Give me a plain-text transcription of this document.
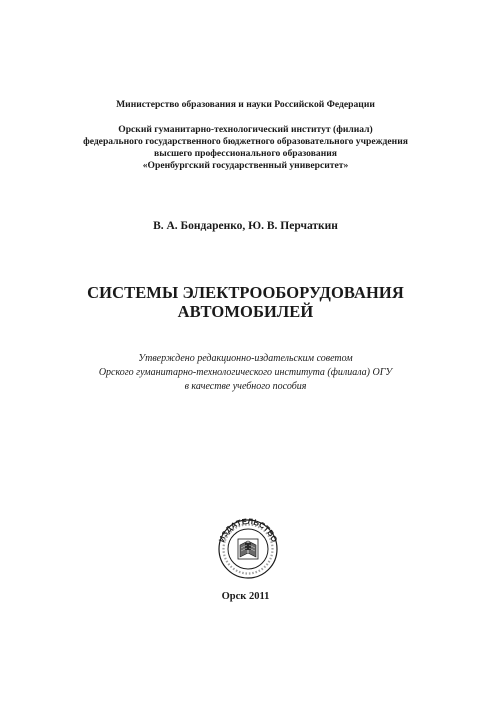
Министерство образования и науки Российской Федерации
Орский гуманитарно-технологический институт (филиал)
федерального государственного бюджетного образовательного учреждения
высшего профессионального образования
«Оренбургский государственный университет»
В. А. Бондаренко, Ю. В. Перчаткин
СИСТЕМЫ ЭЛЕКТРООБОРУДОВАНИЯ
АВТОМОБИЛЕЙ
Утверждено редакционно-издательским советом
Орского гуманитарно-технологического института (филиала) ОГУ
в качестве учебного пособия
ИЗДАТЕЛЬСТВО
Орск 2011
